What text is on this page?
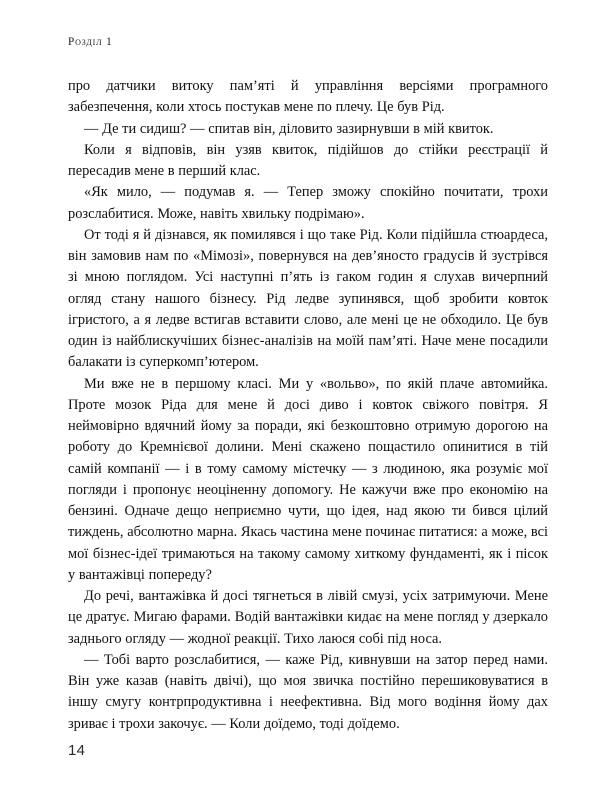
Розділ 1

про датчики витоку пам’яті й управління версіями програмного забезпечення, коли хтось постукав мене по плечу. Це був Рід.

— Де ти сидиш? — спитав він, діловито зазирнувши в мій квиток.

Коли я відповів, він узяв квиток, підійшов до стійки реєстрації й пересадив мене в перший клас.

«Як мило, — подумав я. — Тепер зможу спокійно почитати, трохи розслабитися. Може, навіть хвильку подрімаю».

От тоді я й дізнався, як помилявся і що таке Рід. Коли підійшла стюардеса, він замовив нам по «Мімозі», повернувся на дев’яносто градусів й зустрівся зі мною поглядом. Усі наступні п’ять із гаком годин я слухав вичерпний огляд стану нашого бізнесу. Рід ледве зупинявся, щоб зробити ковток ігристого, а я ледве встигав вставити слово, але мені це не обходило. Це був один із найблискучіших бізнес-аналізів на моїй пам’яті. Наче мене посадили балакати із суперкомп’ютером.

Ми вже не в першому класі. Ми у «вольво», по якій плаче автомийка. Проте мозок Ріда для мене й досі диво і ковток свіжого повітря. Я неймовірно вдячний йому за поради, які безкоштовно отримую дорогою на роботу до Кремнієвої долини. Мені скажено пощастило опинитися в тій самій компанії — і в тому самому містечку — з людиною, яка розуміє мої погляди і пропонує неоціненну допомогу. Не кажучи вже про економію на бензині. Одначе дещо неприємно чути, що ідея, над якою ти бився цілий тиждень, абсолютно марна. Якась частина мене починає питатися: а може, всі мої бізнес-ідеї тримаються на такому самому хиткому фундаменті, як і пісок у вантажівці попереду?

До речі, вантажівка й досі тягнеться в лівій смузі, усіх затримуючи. Мене це дратує. Мигаю фарами. Водій вантажівки кидає на мене погляд у дзеркало заднього огляду — жодної реакції. Тихо лаюся собі під носа.

— Тобі варто розслабитися, — каже Рід, кивнувши на затор перед нами. Він уже казав (навіть двічі), що моя звичка постійно перешиковуватися в іншу смугу контрпродуктивна і неефективна. Від мого водіння йому дах зриває і трохи закочує. — Коли доїдемо, тоді доїдемо.

14
